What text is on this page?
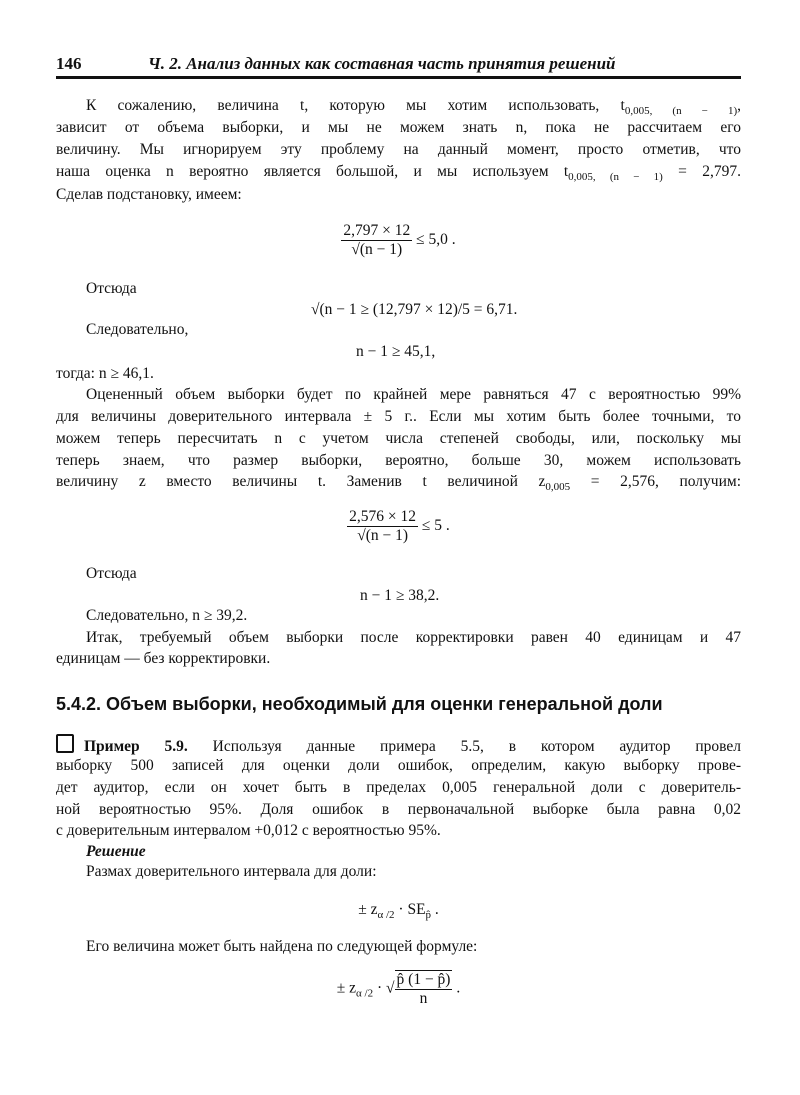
146	Ч. 2. Анализ данных как составная часть принятия решений
К сожалению, величина t, которую мы хотим использовать, $t_{0,005, (n - 1)}$,
зависит от объема выборки, и мы не можем знать n, пока не рассчитаем его
величину. Мы игнорируем эту проблему на данный момент, просто отметив, что
наша оценка n вероятно является большой, и мы используем $t_{0,005, (n - 1)} = 2,797$.
Сделав подстановку, имеем:
$\frac{2,797 \times 12}{√(n - 1)} \le 5,0$ .
Отсюда
√(n − 1 ≥ (12,797 × 12)/5 = 6,71.
Следовательно,
n − 1 ≥ 45,1,
тогда: n ≥ 46,1.
Оцененный объем выборки будет по крайней мере равняться 47 с вероятностью 99%
для величины доверительного интервала ± 5 г.. Если мы хотим быть более точными, то
можем теперь пересчитать n с учетом числа степеней свободы, или, поскольку мы
теперь знаем, что размер выборки, вероятно, больше 30, можем использовать
величину z вместо величины t. Заменив t величиной $z_{0,005} = 2,576$, получим:
$\frac{2,576 \times 12}{√(n - 1)} \le 5$ .
Отсюда
n − 1 ≥ 38,2.
Следовательно, n ≥ 39,2.
Итак, требуемый объем выборки после корректировки равен 40 единицам и 47
единицам — без корректировки.
5.4.2. Объем выборки, необходимый для оценки генеральной доли
Пример 5.9. Используя данные примера 5.5, в котором аудитор провел
выборку 500 записей для оценки доли ошибок, определим, какую выборку прове-
дет аудитор, если он хочет быть в пределах 0,005 генеральной доли с доверитель-
ной вероятностью 95%. Доля ошибок в первоначальной выборке была равна 0,02
с доверительным интервалом +0,012 с вероятностью 95%.
Решение
Размах доверительного интервала для доли:
± $z_{\alpha /2} \cdot SE_{p̂}$ .
Его величина может быть найдена по следующей формуле:
± $z_{\alpha /2}$ · √ $\frac{p̂ (1 - p̂)}{n}$ .
